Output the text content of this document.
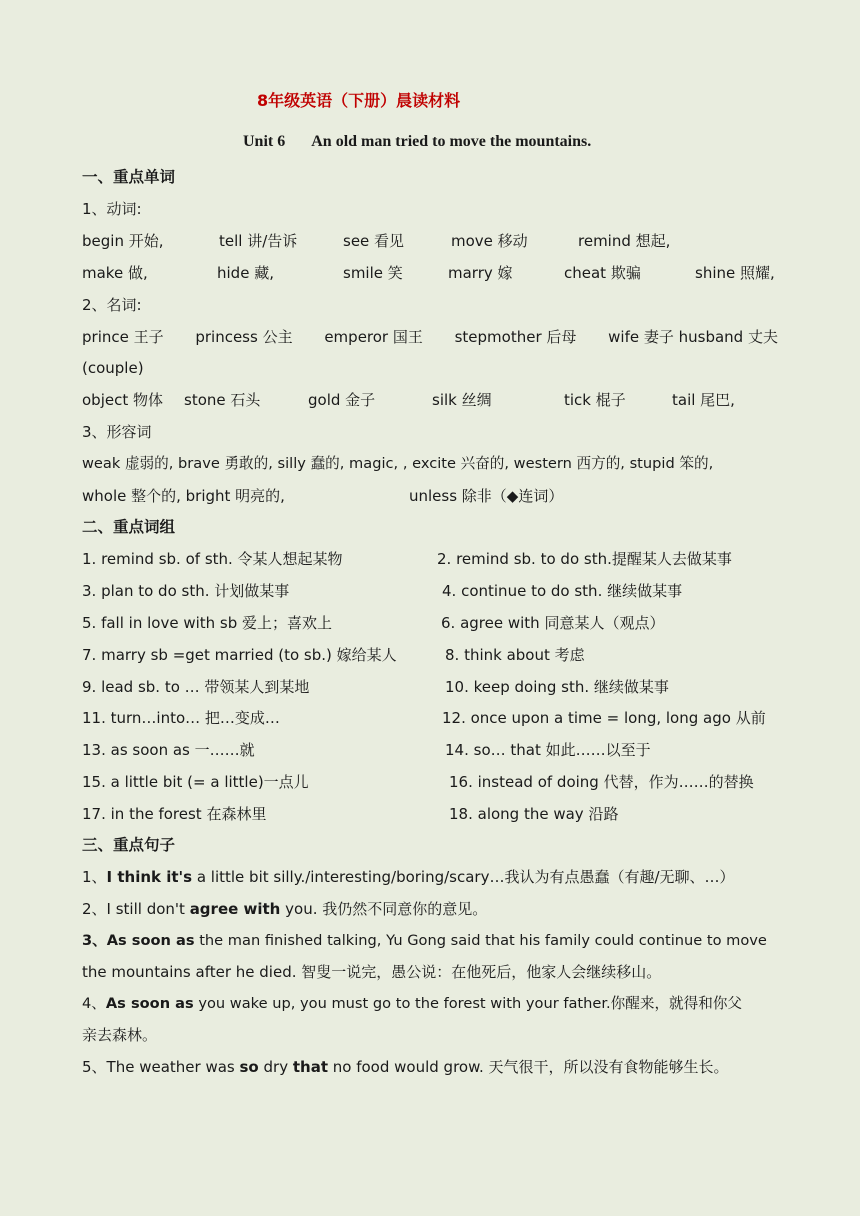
8年级英语（下册）晨读材料
Unit 6 An old man tried to move the mountains.
一、重点单词
1、动词:
begin 开始,	tell 讲/告诉	see 看见	move 移动	remind 想起,
make 做,	hide 藏,	smile 笑	marry 嫁	cheat 欺骗	shine 照耀,
2、名词:
prince 王子 princess 公主 emperor 国王 stepmother 后母 wife 妻子 husband 丈夫
(couple)
object 物体 stone 石头	gold 金子	silk 丝绸	tick 棍子	tail 尾巴,
3、形容词
weak 虚弱的, brave 勇敢的, silly 蠢的, magic, , excite 兴奋的, western 西方的, stupid 笨的,
whole 整个的, bright 明亮的,	unless 除非（◆连词）
二、重点词组
1. remind sb. of sth. 令某人想起某物	2. remind sb. to do sth.提醒某人去做某事
3. plan to do sth. 计划做某事	4. continue to do sth. 继续做某事
5. fall in love with sb 爱上；喜欢上	6. agree with 同意某人（观点）
7. marry sb =get married (to sb.) 嫁给某人	8. think about 考虑
9. lead sb. to … 带领某人到某地	10. keep doing sth. 继续做某事
11. turn…into… 把…变成…	12. once upon a time = long, long ago 从前
13. as soon as 一……就	14. so… that 如此……以至于
15. a little bit (= a little)一点儿	16. instead of doing 代替，作为……的替换
17. in the forest 在森林里	18. along the way 沿路
三、重点句子
1、I think it's a little bit silly./interesting/boring/scary…我认为有点愚蠢（有趣/无聊、…）
2、I still don't agree with you. 我仍然不同意你的意见。
3、As soon as the man finished talking, Yu Gong said that his family could continue to move
the mountains after he died. 智叟一说完，愚公说：在他死后，他家人会继续移山。
4、As soon as you wake up, you must go to the forest with your father.你醒来，就得和你父
亲去森林。
5、The weather was so dry that no food would grow. 天气很干，所以没有食物能够生长。
